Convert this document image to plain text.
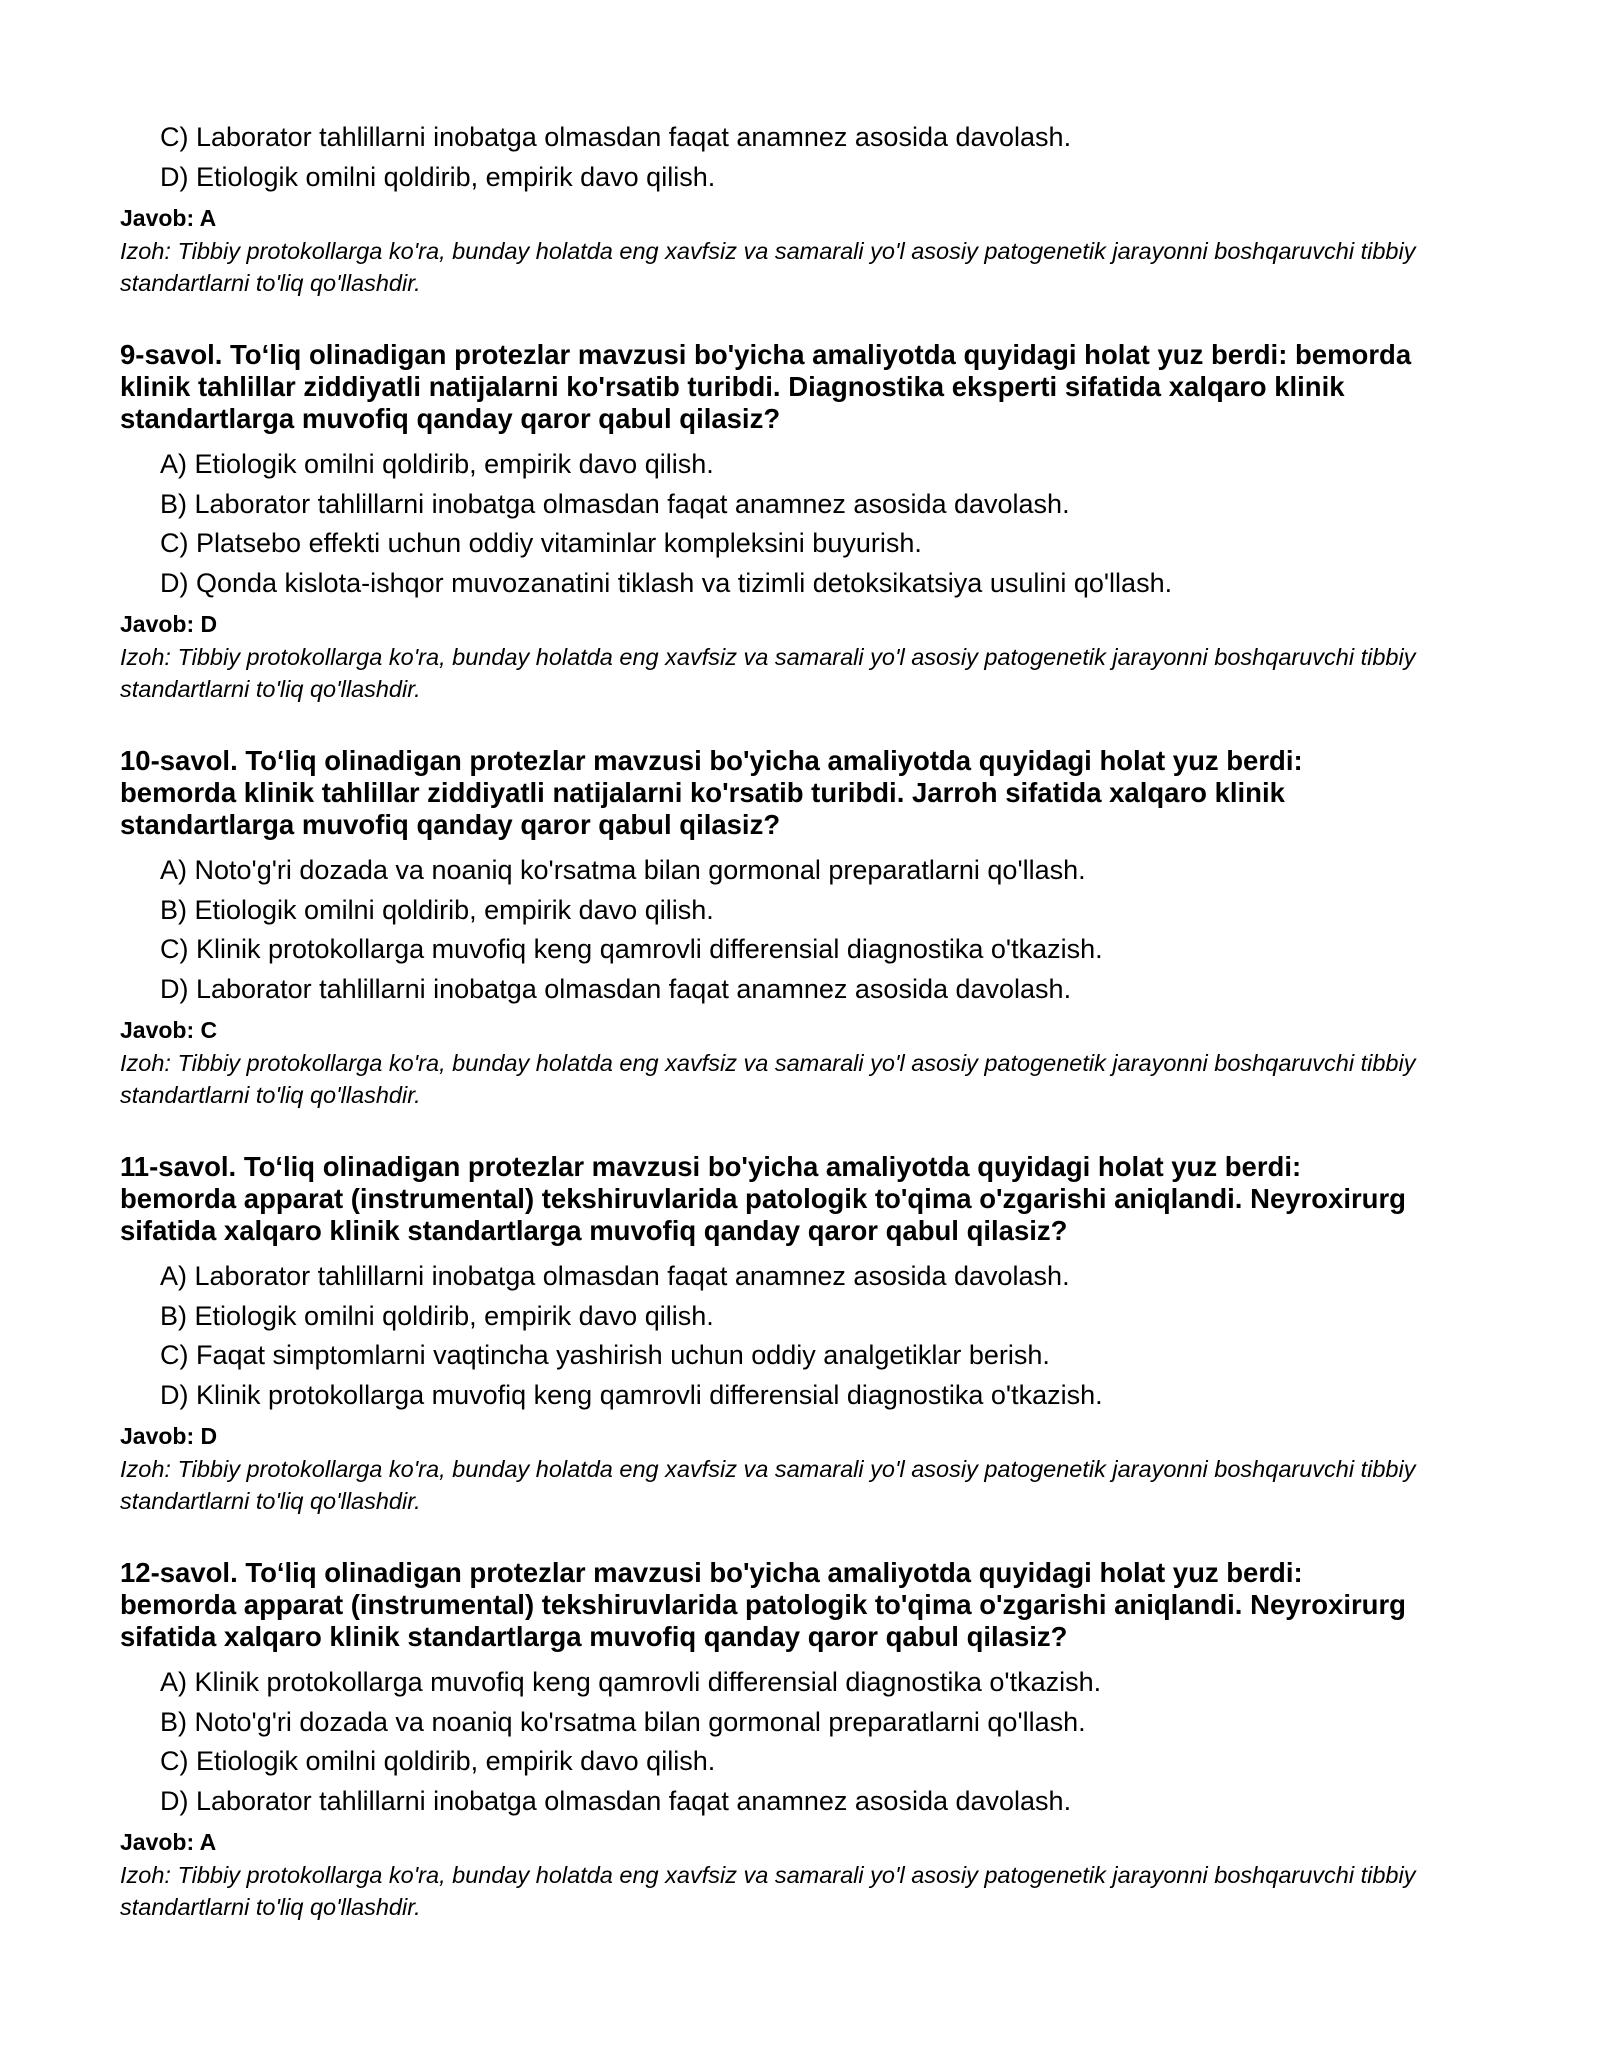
C) Laborator tahlillarni inobatga olmasdan faqat anamnez asosida davolash.
D) Etiologik omilni qoldirib, empirik davo qilish.
Javob: A
Izoh: Tibbiy protokollarga ko'ra, bunday holatda eng xavfsiz va samarali yo'l asosiy patogenetik jarayonni boshqaruvchi tibbiy standartlarni to'liq qo'llashdir.
9-savol. To‘liq olinadigan protezlar mavzusi bo'yicha amaliyotda quyidagi holat yuz berdi: bemorda
klinik tahlillar ziddiyatli natijalarni ko'rsatib turibdi. Diagnostika eksperti sifatida xalqaro klinik
standartlarga muvofiq qanday qaror qabul qilasiz?
A) Etiologik omilni qoldirib, empirik davo qilish.
B) Laborator tahlillarni inobatga olmasdan faqat anamnez asosida davolash.
C) Platsebo effekti uchun oddiy vitaminlar kompleksini buyurish.
D) Qonda kislota-ishqor muvozanatini tiklash va tizimli detoksikatsiya usulini qo'llash.
Javob: D
Izoh: Tibbiy protokollarga ko'ra, bunday holatda eng xavfsiz va samarali yo'l asosiy patogenetik jarayonni boshqaruvchi tibbiy standartlarni to'liq qo'llashdir.
10-savol. To‘liq olinadigan protezlar mavzusi bo'yicha amaliyotda quyidagi holat yuz berdi:
bemorda klinik tahlillar ziddiyatli natijalarni ko'rsatib turibdi. Jarroh sifatida xalqaro klinik
standartlarga muvofiq qanday qaror qabul qilasiz?
A) Noto'g'ri dozada va noaniq ko'rsatma bilan gormonal preparatlarni qo'llash.
B) Etiologik omilni qoldirib, empirik davo qilish.
C) Klinik protokollarga muvofiq keng qamrovli differensial diagnostika o'tkazish.
D) Laborator tahlillarni inobatga olmasdan faqat anamnez asosida davolash.
Javob: C
Izoh: Tibbiy protokollarga ko'ra, bunday holatda eng xavfsiz va samarali yo'l asosiy patogenetik jarayonni boshqaruvchi tibbiy standartlarni to'liq qo'llashdir.
11-savol. To‘liq olinadigan protezlar mavzusi bo'yicha amaliyotda quyidagi holat yuz berdi:
bemorda apparat (instrumental) tekshiruvlarida patologik to'qima o'zgarishi aniqlandi. Neyroxirurg
sifatida xalqaro klinik standartlarga muvofiq qanday qaror qabul qilasiz?
A) Laborator tahlillarni inobatga olmasdan faqat anamnez asosida davolash.
B) Etiologik omilni qoldirib, empirik davo qilish.
C) Faqat simptomlarni vaqtincha yashirish uchun oddiy analgetiklar berish.
D) Klinik protokollarga muvofiq keng qamrovli differensial diagnostika o'tkazish.
Javob: D
Izoh: Tibbiy protokollarga ko'ra, bunday holatda eng xavfsiz va samarali yo'l asosiy patogenetik jarayonni boshqaruvchi tibbiy standartlarni to'liq qo'llashdir.
12-savol. To‘liq olinadigan protezlar mavzusi bo'yicha amaliyotda quyidagi holat yuz berdi:
bemorda apparat (instrumental) tekshiruvlarida patologik to'qima o'zgarishi aniqlandi. Neyroxirurg
sifatida xalqaro klinik standartlarga muvofiq qanday qaror qabul qilasiz?
A) Klinik protokollarga muvofiq keng qamrovli differensial diagnostika o'tkazish.
B) Noto'g'ri dozada va noaniq ko'rsatma bilan gormonal preparatlarni qo'llash.
C) Etiologik omilni qoldirib, empirik davo qilish.
D) Laborator tahlillarni inobatga olmasdan faqat anamnez asosida davolash.
Javob: A
Izoh: Tibbiy protokollarga ko'ra, bunday holatda eng xavfsiz va samarali yo'l asosiy patogenetik jarayonni boshqaruvchi tibbiy standartlarni to'liq qo'llashdir.
